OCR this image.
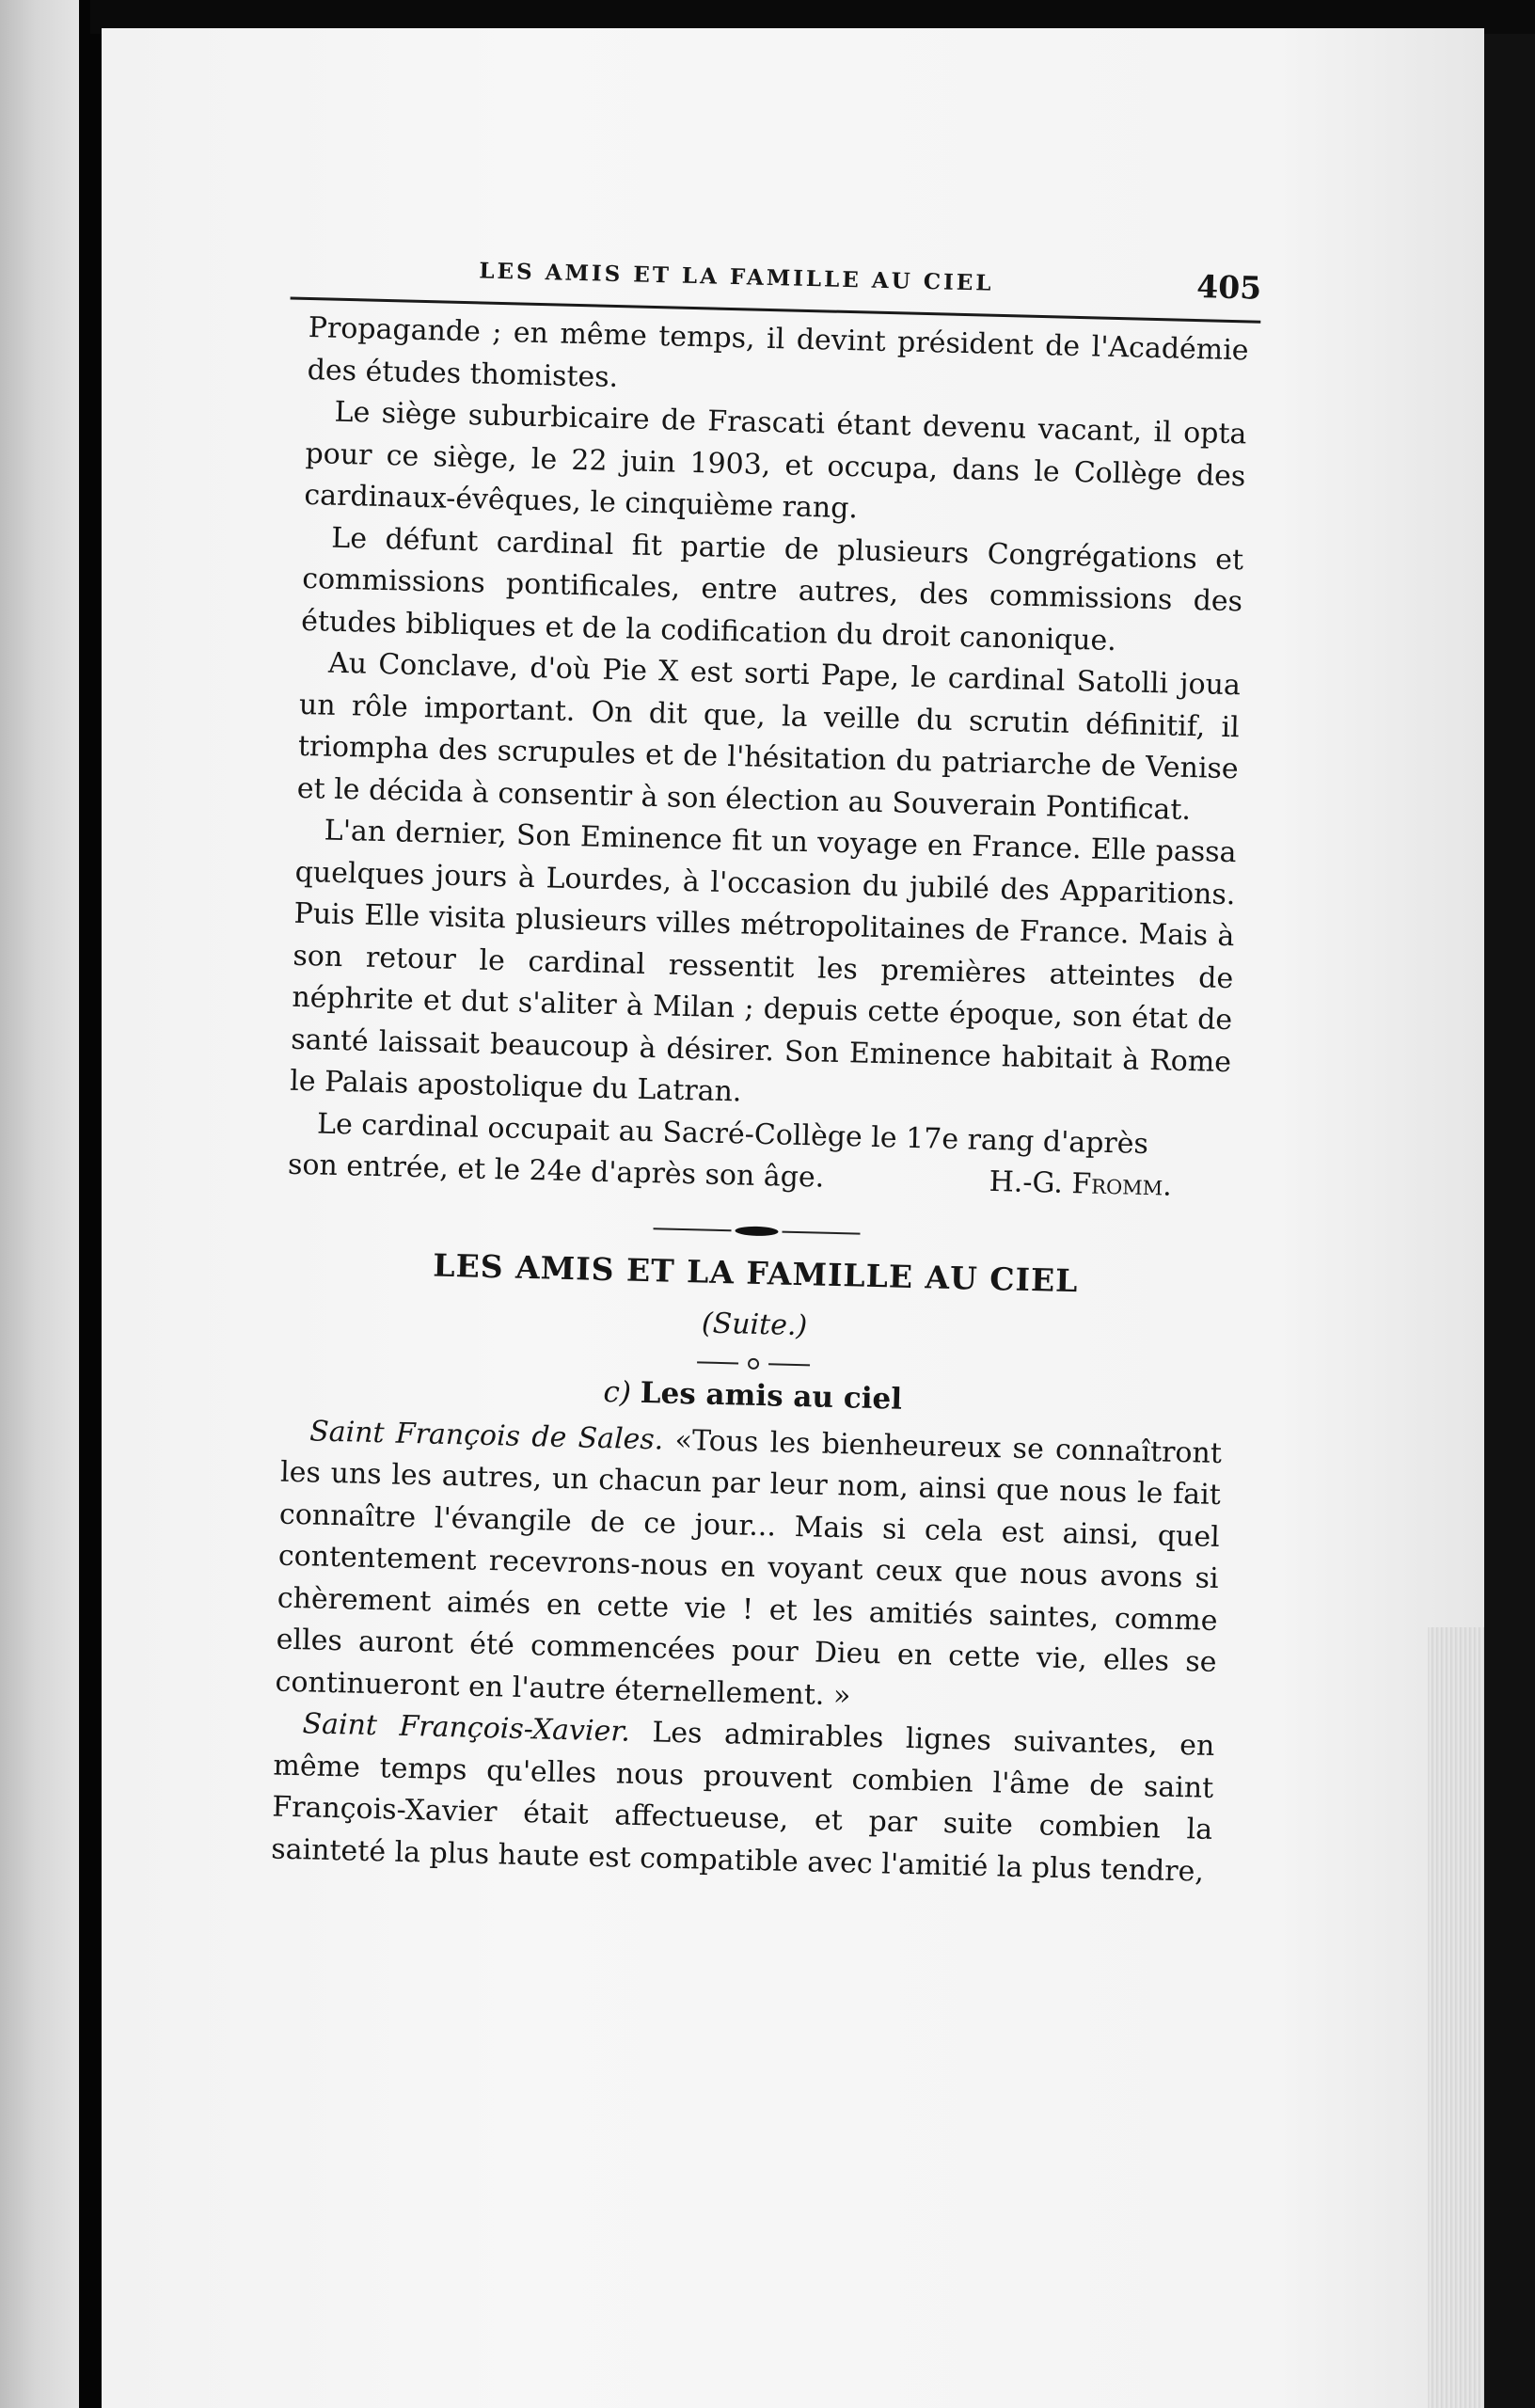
LES AMIS ET LA FAMILLE AU CIEL	405

Propagande ; en même temps, il devint président de l'Académie des études thomistes.

Le siège suburbicaire de Frascati étant devenu vacant, il opta pour ce siège, le 22 juin 1903, et occupa, dans le Collège des cardinaux-évêques, le cinquième rang.

Le défunt cardinal fit partie de plusieurs Congrégations et commissions pontificales, entre autres, des commissions des études bibliques et de la codification du droit canonique.

Au Conclave, d'où Pie X est sorti Pape, le cardinal Satolli joua un rôle important. On dit que, la veille du scrutin définitif, il triompha des scrupules et de l'hésitation du patriarche de Venise et le décida à consentir à son élection au Souverain Pontificat.

L'an dernier, Son Eminence fit un voyage en France. Elle passa quelques jours à Lourdes, à l'occasion du jubilé des Apparitions. Puis Elle visita plusieurs villes métropolitaines de France. Mais à son retour le cardinal ressentit les premières atteintes de néphrite et dut s'aliter à Milan ; depuis cette époque, son état de santé laissait beaucoup à désirer. Son Eminence habitait à Rome le Palais apostolique du Latran.

Le cardinal occupait au Sacré-Collège le 17e rang d'après

son entrée, et le 24e d'après son âge.	H.-G. Fromm.
LES AMIS ET LA FAMILLE AU CIEL
(Suite.)
c) Les amis au ciel

Saint François de Sales. «Tous les bienheureux se connaîtront les uns les autres, un chacun par leur nom, ainsi que nous le fait connaître l'évangile de ce jour... Mais si cela est ainsi, quel contentement recevrons-nous en voyant ceux que nous avons si chèrement aimés en cette vie ! et les amitiés saintes, comme elles auront été commencées pour Dieu en cette vie, elles se continueront en l'autre éternellement. »

Saint François-Xavier. Les admirables lignes suivantes, en même temps qu'elles nous prouvent combien l'âme de saint François-Xavier était affectueuse, et par suite combien la sainteté la plus haute est compatible avec l'amitié la plus tendre,
